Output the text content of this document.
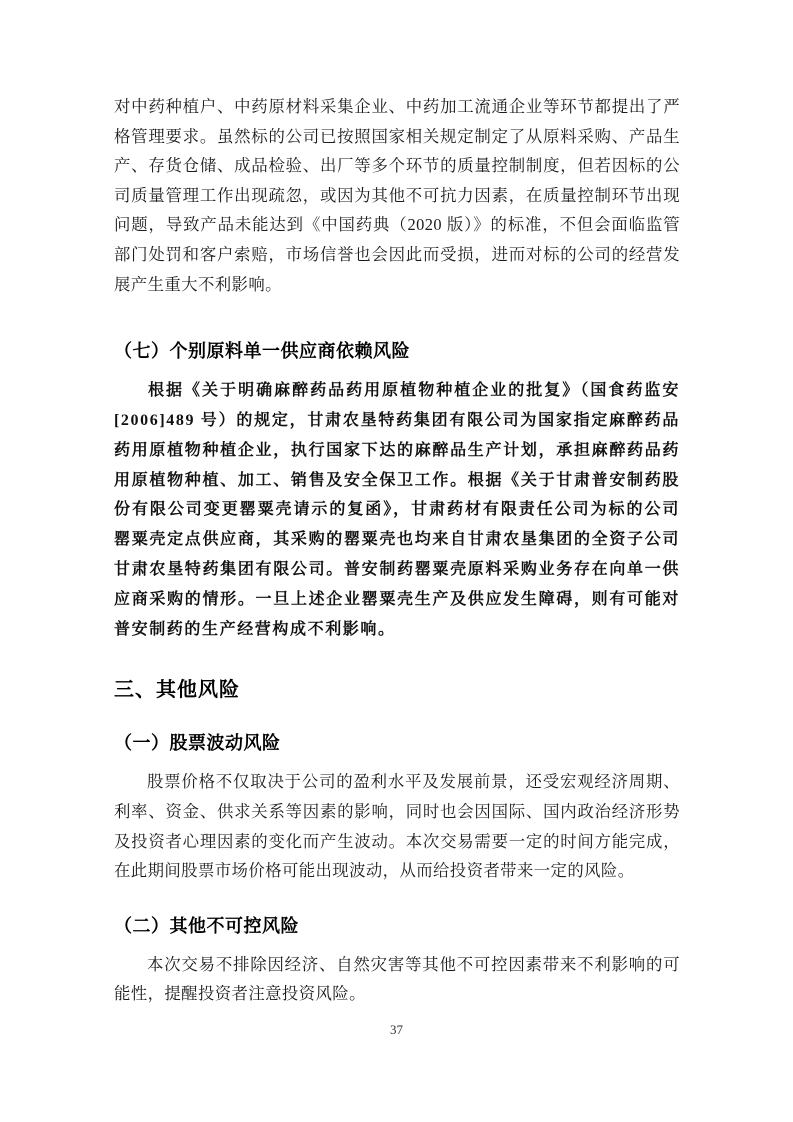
对中药种植户、中药原材料采集企业、中药加工流通企业等环节都提出了严格管理要求。虽然标的公司已按照国家相关规定制定了从原料采购、产品生产、存货仓储、成品检验、出厂等多个环节的质量控制制度，但若因标的公司质量管理工作出现疏忽，或因为其他不可抗力因素，在质量控制环节出现问题，导致产品未能达到《中国药典（2020 版）》的标准，不但会面临监管部门处罚和客户索赔，市场信誉也会因此而受损，进而对标的公司的经营发展产生重大不利影响。

（七）个别原料单一供应商依赖风险

根据《关于明确麻醉药品药用原植物种植企业的批复》（国食药监安[2006]489 号）的规定，甘肃农垦特药集团有限公司为国家指定麻醉药品药用原植物种植企业，执行国家下达的麻醉品生产计划，承担麻醉药品药用原植物种植、加工、销售及安全保卫工作。根据《关于甘肃普安制药股份有限公司变更罂粟壳请示的复函》，甘肃药材有限责任公司为标的公司罂粟壳定点供应商，其采购的罂粟壳也均来自甘肃农垦集团的全资子公司甘肃农垦特药集团有限公司。普安制药罂粟壳原料采购业务存在向单一供应商采购的情形。一旦上述企业罂粟壳生产及供应发生障碍，则有可能对普安制药的生产经营构成不利影响。

三、其他风险
（一）股票波动风险

股票价格不仅取决于公司的盈利水平及发展前景，还受宏观经济周期、利率、资金、供求关系等因素的影响，同时也会因国际、国内政治经济形势及投资者心理因素的变化而产生波动。本次交易需要一定的时间方能完成，在此期间股票市场价格可能出现波动，从而给投资者带来一定的风险。

（二）其他不可控风险

本次交易不排除因经济、自然灾害等其他不可控因素带来不利影响的可能性，提醒投资者注意投资风险。

37
